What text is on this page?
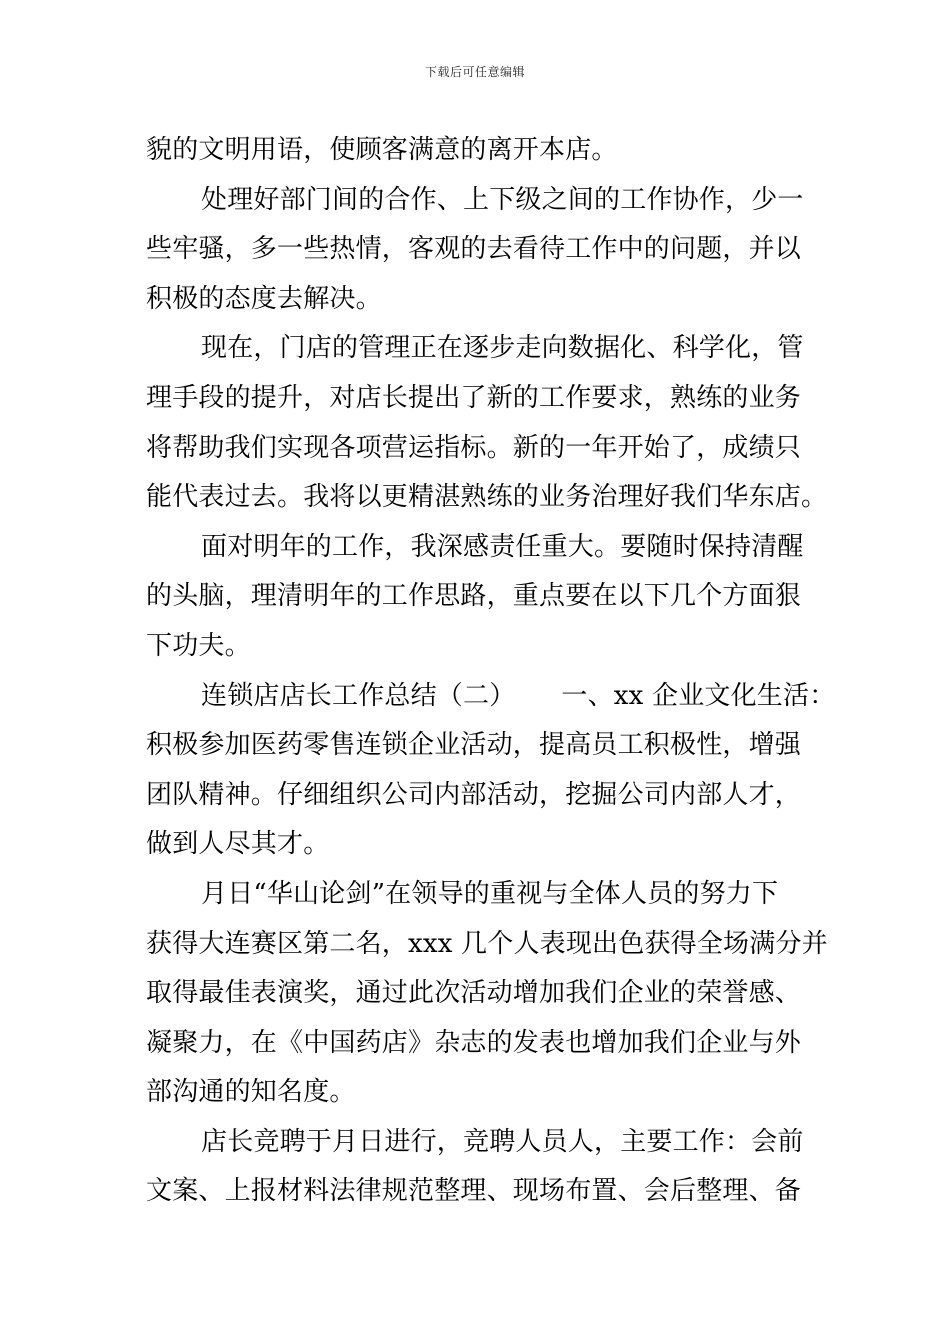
下载后可任意编辑
貌的文明用语，使顾客满意的离开本店。
处理好部门间的合作、上下级之间的工作协作，少一
些牢骚，多一些热情，客观的去看待工作中的问题，并以
积极的态度去解决。
现在，门店的管理正在逐步走向数据化、科学化，管
理手段的提升，对店长提出了新的工作要求，熟练的业务
将帮助我们实现各项营运指标。新的一年开始了，成绩只
能代表过去。我将以更精湛熟练的业务治理好我们华东店。
面对明年的工作，我深感责任重大。要随时保持清醒
的头脑，理清明年的工作思路，重点要在以下几个方面狠
下功夫。
连锁店店长工作总结（二） 一、xx 企业文化生活：
积极参加医药零售连锁企业活动，提高员工积极性，增强
团队精神。仔细组织公司内部活动，挖掘公司内部人才，
做到人尽其才。
月日“华山论剑”在领导的重视与全体人员的努力下
获得大连赛区第二名，xxx 几个人表现出色获得全场满分并
取得最佳表演奖，通过此次活动增加我们企业的荣誉感、
凝聚力，在《中国药店》杂志的发表也增加我们企业与外
部沟通的知名度。
店长竞聘于月日进行，竞聘人员人，主要工作：会前
文案、上报材料法律规范整理、现场布置、会后整理、备
